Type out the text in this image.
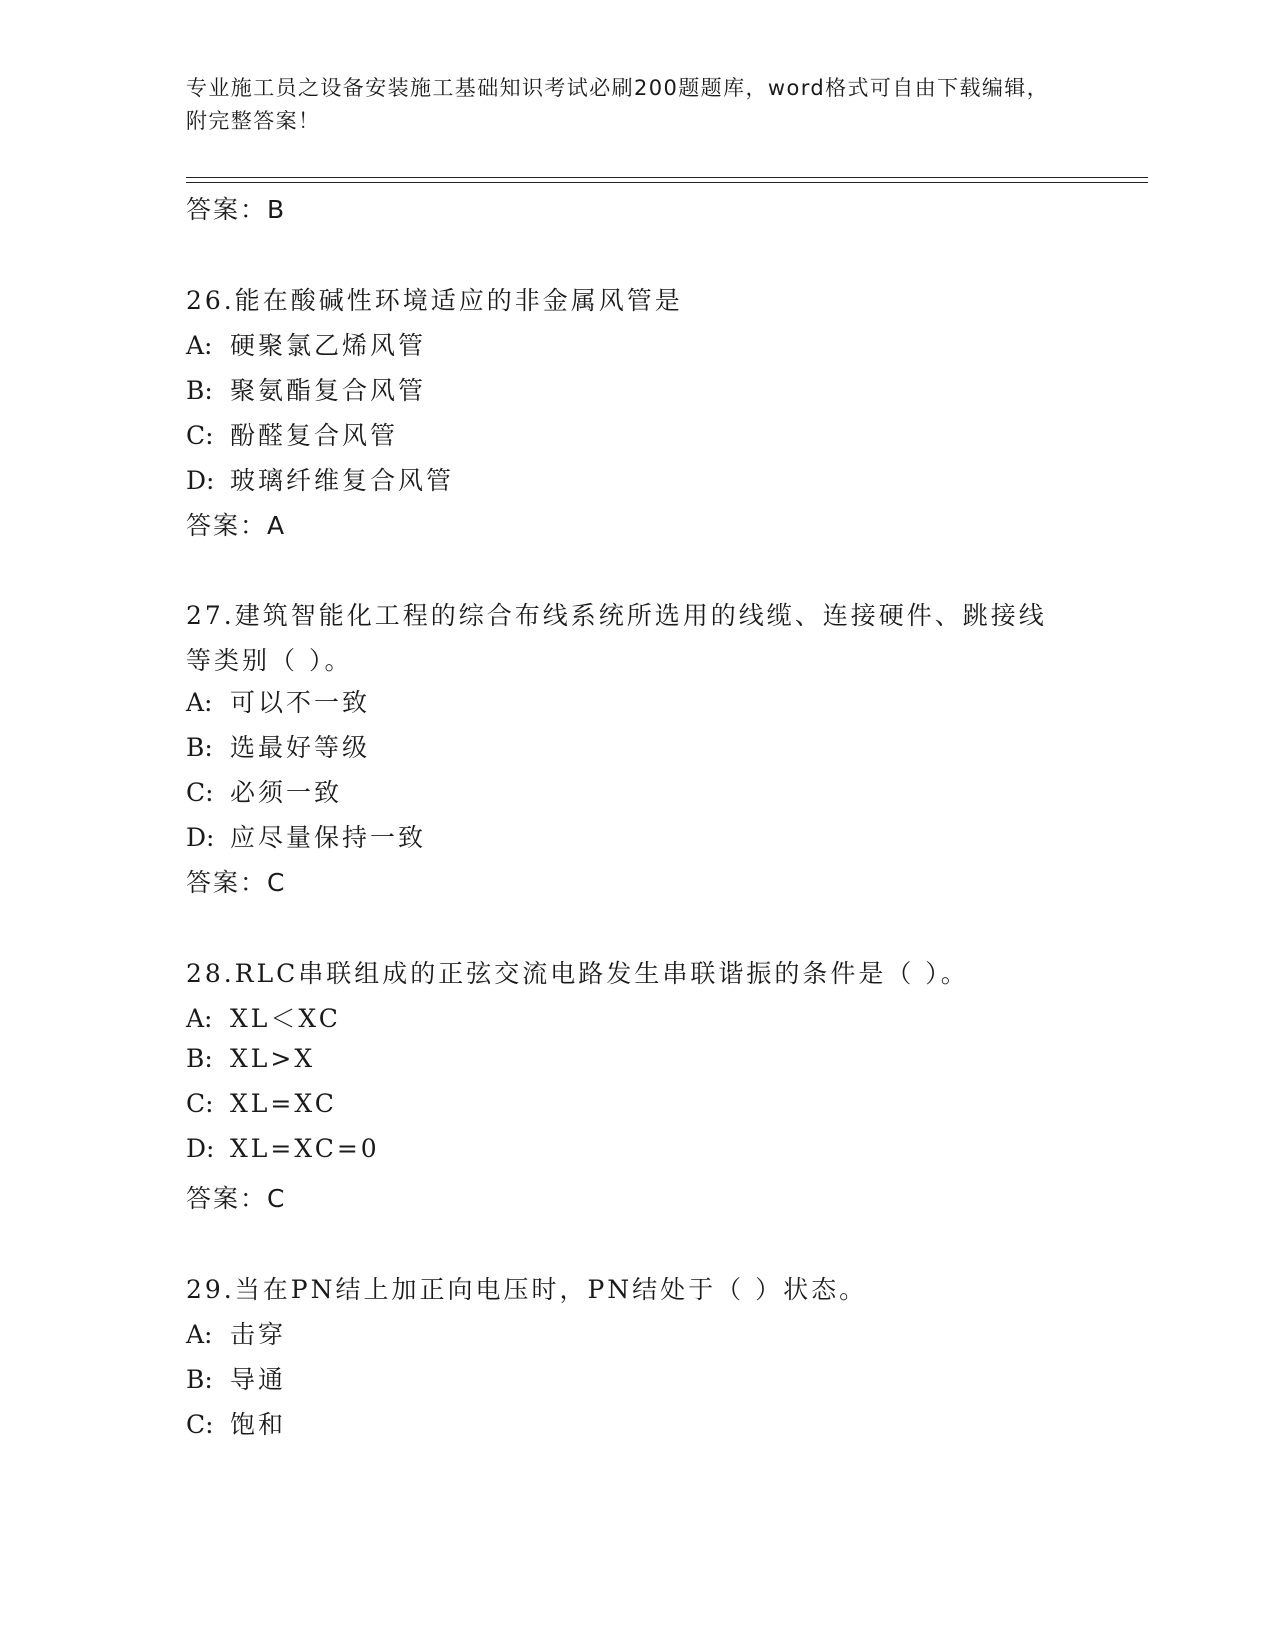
专业施工员之设备安装施工基础知识考试必刷200题题库，word格式可自由下载编辑，附完整答案！
答案：B
26.能在酸碱性环境适应的非金属风管是
A: 硬聚氯乙烯风管
B: 聚氨酯复合风管
C: 酚醛复合风管
D: 玻璃纤维复合风管
答案：A
27.建筑智能化工程的综合布线系统所选用的线缆、连接硬件、跳接线等类别（ ）。
A: 可以不一致
B: 选最好等级
C: 必须一致
D: 应尽量保持一致
答案：C
28.RLC串联组成的正弦交流电路发生串联谐振的条件是（ ）。
A: XL＜XC
B: XL>X
C: XL=XC
D: XL=XC=0
答案：C
29.当在PN结上加正向电压时，PN结处于（ ）状态。
A: 击穿
B: 导通
C: 饱和
